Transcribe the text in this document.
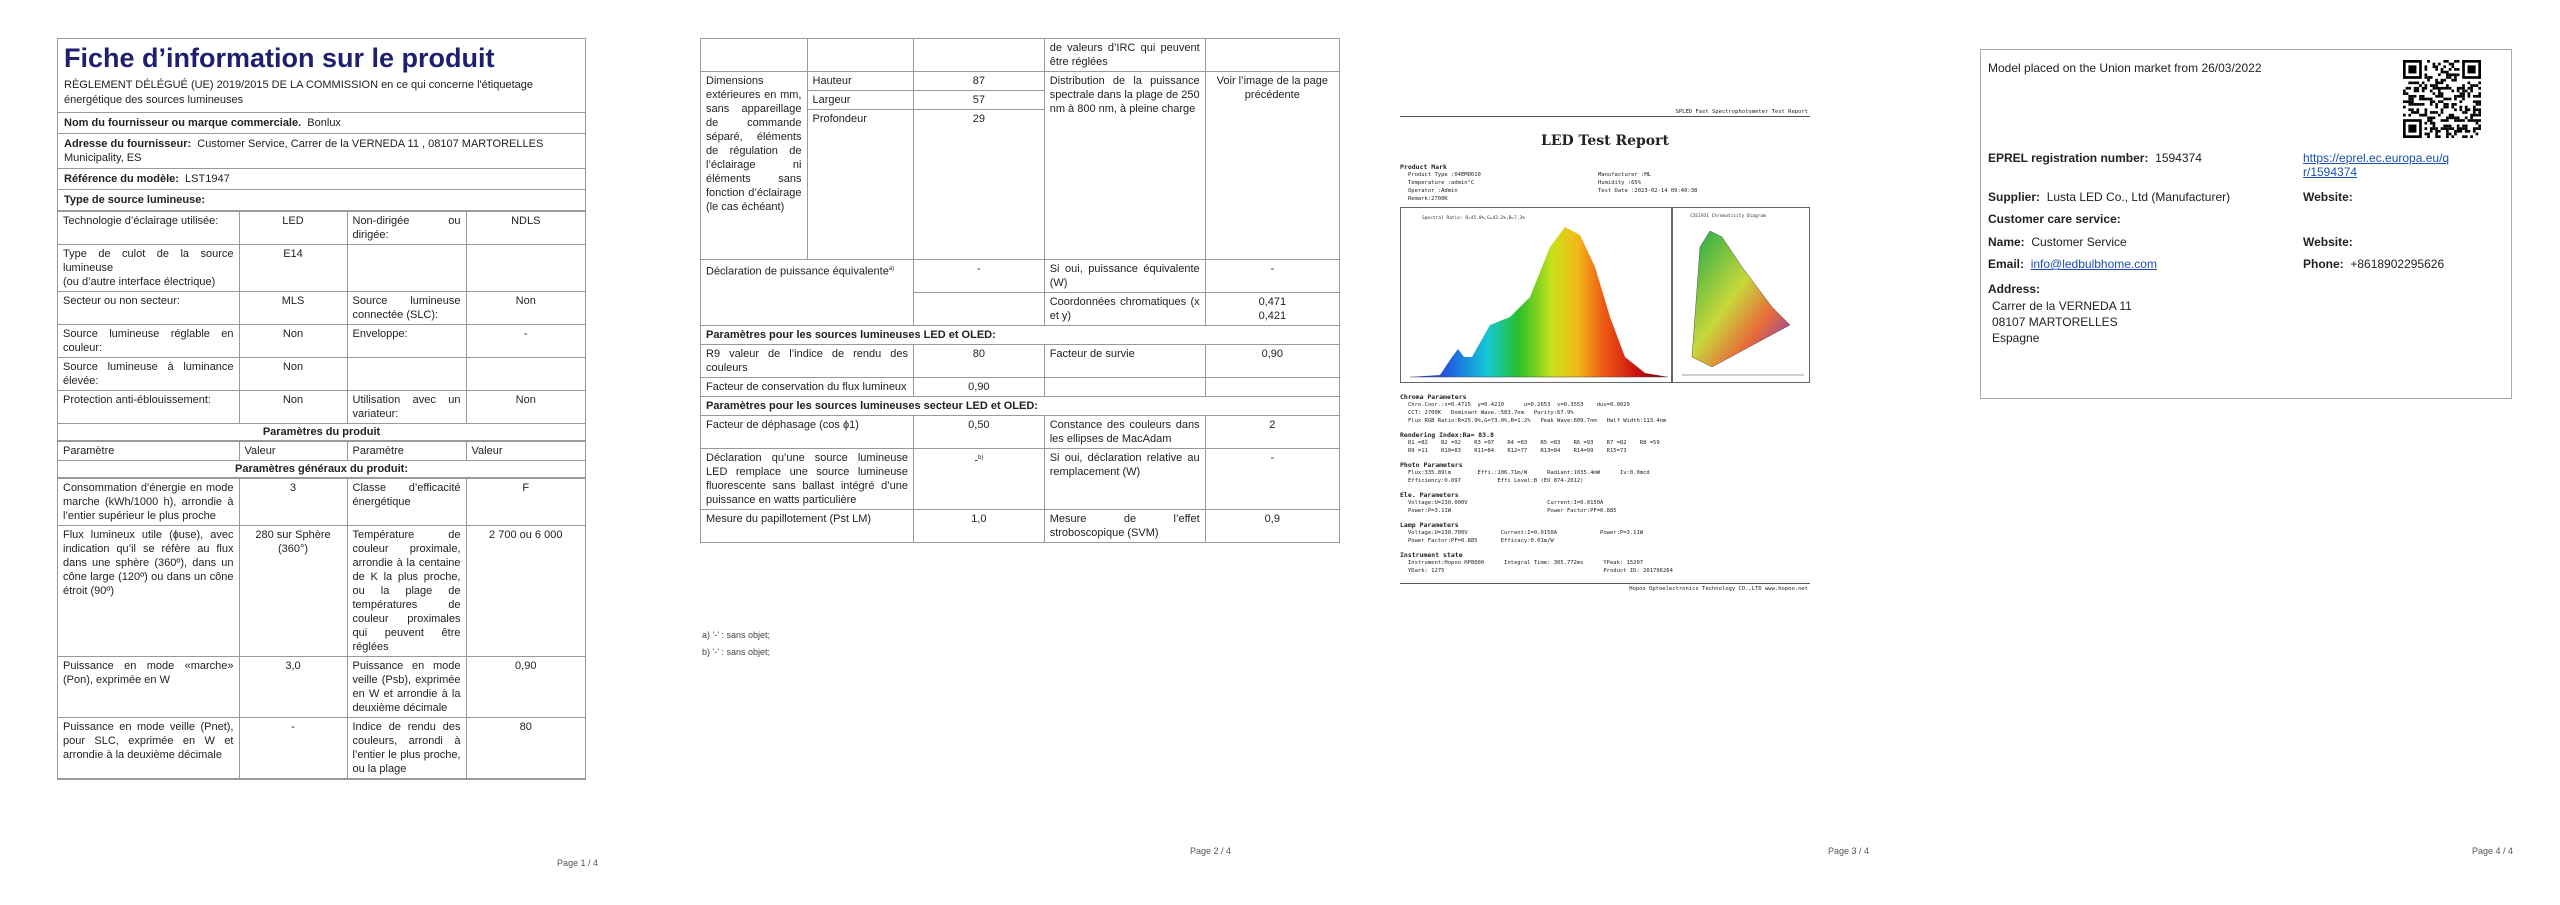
Fiche d’information sur le produit
RÈGLEMENT DÉLÉGUÉ (UE) 2019/2015 DE LA COMMISSION en ce qui concerne l'étiquetage énergétique des sources lumineuses
Nom du fournisseur ou marque commerciale. Bonlux
Adresse du fournisseur: Customer Service, Carrer de la VERNEDA 11 , 08107 MARTORELLES Municipality, ES
Référence du modèle: LST1947
Type de source lumineuse:
Technologie d’éclairage utilisée:	LED	Non-dirigée ou dirigée:	NDLS
Type de culot de la source lumineuse
(ou d’autre interface électrique)	E14		
Secteur ou non secteur:	MLS	Source lumineuse connectée (SLC):	Non
Source lumineuse réglable en couleur:	Non	Enveloppe:	-
Source lumineuse à luminance élevée:	Non		
Protection anti-éblouissement:	Non	Utilisation avec un variateur:	Non
Paramètres du produit
Paramètre	Valeur	Paramètre	Valeur
Paramètres généraux du produit:
Consommation d’énergie en mode marche (kWh/1000 h), arrondie à l’entier supérieur le plus proche	3	Classe d’efficacité énergétique	F
Flux lumineux utile (ɸuse), avec indication qu’il se réfère au flux dans une sphère (360º), dans un cône large (120º) ou dans un cône étroit (90º)	280 sur Sphère (360°)	Température de couleur proximale, arrondie à la centaine de K la plus proche, ou la plage de températures de couleur proximales qui peuvent être réglées	2 700 ou 6 000
Puissance en mode «marche» (Pon), exprimée en W	3,0	Puissance en mode veille (Psb), exprimée en W et arrondie à la deuxième décimale	0,90
Puissance en mode veille (Pnet), pour SLC, exprimée en W et arrondie à la deuxième décimale	-	Indice de rendu des couleurs, arrondi à l’entier le plus proche, ou la plage	80
Page 1 / 4
			de valeurs d’IRC qui peuvent être réglées	
Dimensions extérieures en mm, sans appareillage de commande séparé, éléments de régulation de l’éclairage ni éléments sans fonction d’éclairage (le cas échéant)	Hauteur	87	Distribution de la puissance spectrale dans la plage de 250 nm à 800 nm, à pleine charge	Voir l’image de la page précédente
	Largeur	57		
	Profondeur	29		
Déclaration de puissance équivalente$^{a)}$		-	Si oui, puissance équivalente (W)	-
			Coordonnées chromatiques (x et y)	0,471
0,421
Paramètres pour les sources lumineuses LED et OLED:				
R9 valeur de l’indice de rendu des couleurs		80	Facteur de survie	0,90
Facteur de conservation du flux lumineux		0,90		
Paramètres pour les sources lumineuses secteur LED et OLED:				
Facteur de déphasage (cos ϕ1)		0,50	Constance des couleurs dans les ellipses de MacAdam	2
Déclaration qu’une source lumineuse LED remplace une source lumineuse fluorescente sans ballast intégré d’une puissance en watts particulière		-$^{b)}$	Si oui, déclaration relative au remplacement (W)	-
Mesure du papillotement (Pst LM)		1,0	Mesure de l’effet stroboscopique (SVM)	0,9
a) '-' : sans objet;
b) '-' : sans objet;
Page 2 / 4
SPLED Fast Spectrophotometer Test Report
LED Test Report
Product Mark
Product Type :04EM0010
Temperature :admin°C
Operator :Admin
Remark:2700K
Manufacturer :ML
Humidity :65%
Test Date :2023-02-14 09:40:38
Spectral Ratio: R=45.0%,G=43.2%,B=7.3%	CIE1931 Chromaticity Diagram
Chroma Parameters
Chro.Coor.:x=0.4715  y=0.4210      u=0.2653  v=0.3553    duv=0.0029
CCT: 2700K   Dominant Wave.:583.7nm   Purity:67.9%
Flux RGB Ratio:R=25.9%,G=73.0%,B=1.2%   Peak Wave:609.7nm   Half Width:113.4nm
Rendering Index:Ra= 83.8
R1 =82    R2 =92    R3 =97    R4 =83    R5 =83    R6 =93    R7 =82    R8 =59
R9 =11    R10=83    R11=84    R12=77    R13=84    R14=99    R15=73
Photo Parameters
Flux:335.89lm        Effi.:106.71m/W      Radiant:1035.4mW      Iv:0.0mcd
Efficiency:0.097           Effi Level:B (EU 874-2012)
Ele. Parameters
Voltage:U=230.000V                        Current:I=0.0150A
Power:P=3.11W                             Power Factor:PF=0.885
Lamp Parameters
Voltage:U=230.700V          Current:I=0.0150A             Power:P=3.11W
Power Factor:PF=0.885       Efficacy:0.01m/W
Instrument state
Instrument:Hopoo HP8000      Integral Time: 305.772ms      YPeak: 15207
YDark: 1275                                                Product ID: 201706264
Hopoo Optoelectronics Technology CO.,LTD www.hopoo.net
Page 3 / 4
Model placed on the Union market from 26/03/2022
EPREL registration number: 1594374	https://eprel.ec.europa.eu/qr/1594374
Supplier: Lusta LED Co., Ltd (Manufacturer)	Website:
Customer care service:
Name: Customer Service	Website:
Email: info@ledbulbhome.com	Phone: +8618902295626
Address:
Carrer de la VERNEDA 11
08107 MARTORELLES
Espagne
Page 4 / 4
